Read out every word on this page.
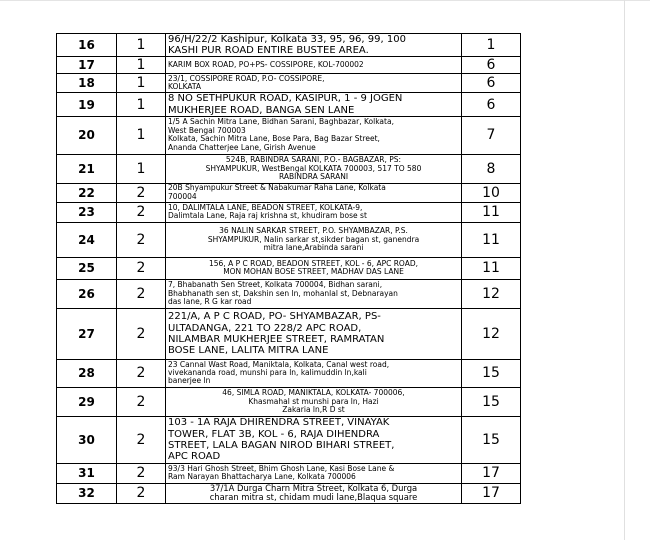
16	1	96/H/22/2 Kashipur, Kolkata 33, 95, 96, 99, 100
KASHI PUR ROAD ENTIRE BUSTEE AREA.	1
17	1	KARIM BOX ROAD, PO+PS- COSSIPORE, KOL-700002	6
18	1	23/1, COSSIPORE ROAD, P.O- COSSIPORE,
KOLKATA	6
19	1	8 NO SETHPUKUR ROAD, KASIPUR, 1 - 9 JOGEN
MUKHERJEE ROAD, BANGA SEN LANE	6
20	1	1/5 A Sachin Mitra Lane, Bidhan Sarani, Baghbazar, Kolkata,
West Bengal 700003
Kolkata, Sachin Mitra Lane, Bose Para, Bag Bazar Street,
Ananda Chatterjee Lane, Girish Avenue	7
21	1	524B, RABINDRA SARANI, P.O.- BAGBAZAR, PS:
SHYAMPUKUR, WestBengal KOLKATA 700003, 517 TO 580
RABINDRA SARANI	8
22	2	20B Shyampukur Street & Nabakumar Raha Lane, Kolkata
700004	10
23	2	10, DALIMTALA LANE, BEADON STREET, KOLKATA-9,
Dalimtala Lane, Raja raj krishna st, khudiram bose st	11
24	2	36 NALIN SARKAR STREET, P.O. SHYAMBAZAR, P.S.
SHYAMPUKUR, Nalin sarkar st,sikder bagan st, ganendra
mitra lane,Arabinda sarani	11
25	2	156, A P C ROAD, BEADON STREET, KOL - 6, APC ROAD,
MON MOHAN BOSE STREET, MADHAV DAS LANE	11
26	2	7, Bhabanath Sen Street, Kolkata 700004, Bidhan sarani,
Bhabhanath sen st, Dakshin sen ln, mohanlal st, Debnarayan
das lane, R G kar road	12
27	2	221/A, A P C ROAD, PO- SHYAMBAZAR, PS-
ULTADANGA, 221 TO 228/2 APC ROAD,
NILAMBAR MUKHERJEE STREET, RAMRATAN
BOSE LANE, LALITA MITRA LANE	12
28	2	23 Cannal Wast Road, Maniktala, Kolkata, Canal west road,
vivekananda road, munshi para ln, kalimuddin ln,kali
banerjee ln	15
29	2	46, SIMLA ROAD, MANIKTALA, KOLKATA- 700006,
Khasmahal st munshi para ln, Hazi
Zakaria ln,R D st	15
30	2	103 - 1A RAJA DHIRENDRA STREET, VINAYAK
TOWER, FLAT 3B, KOL - 6, RAJA DIHENDRA
STREET, LALA BAGAN NIROD BIHARI STREET,
APC ROAD	15
31	2	93/3 Hari Ghosh Street, Bhim Ghosh Lane, Kasi Bose Lane &
Ram Narayan Bhattacharya Lane, Kolkata 700006	17
32	2	37/1A Durga Charn Mitra Street, Kolkata 6, Durga
charan mitra st, chidam mudi lane,Blaqua square	17
